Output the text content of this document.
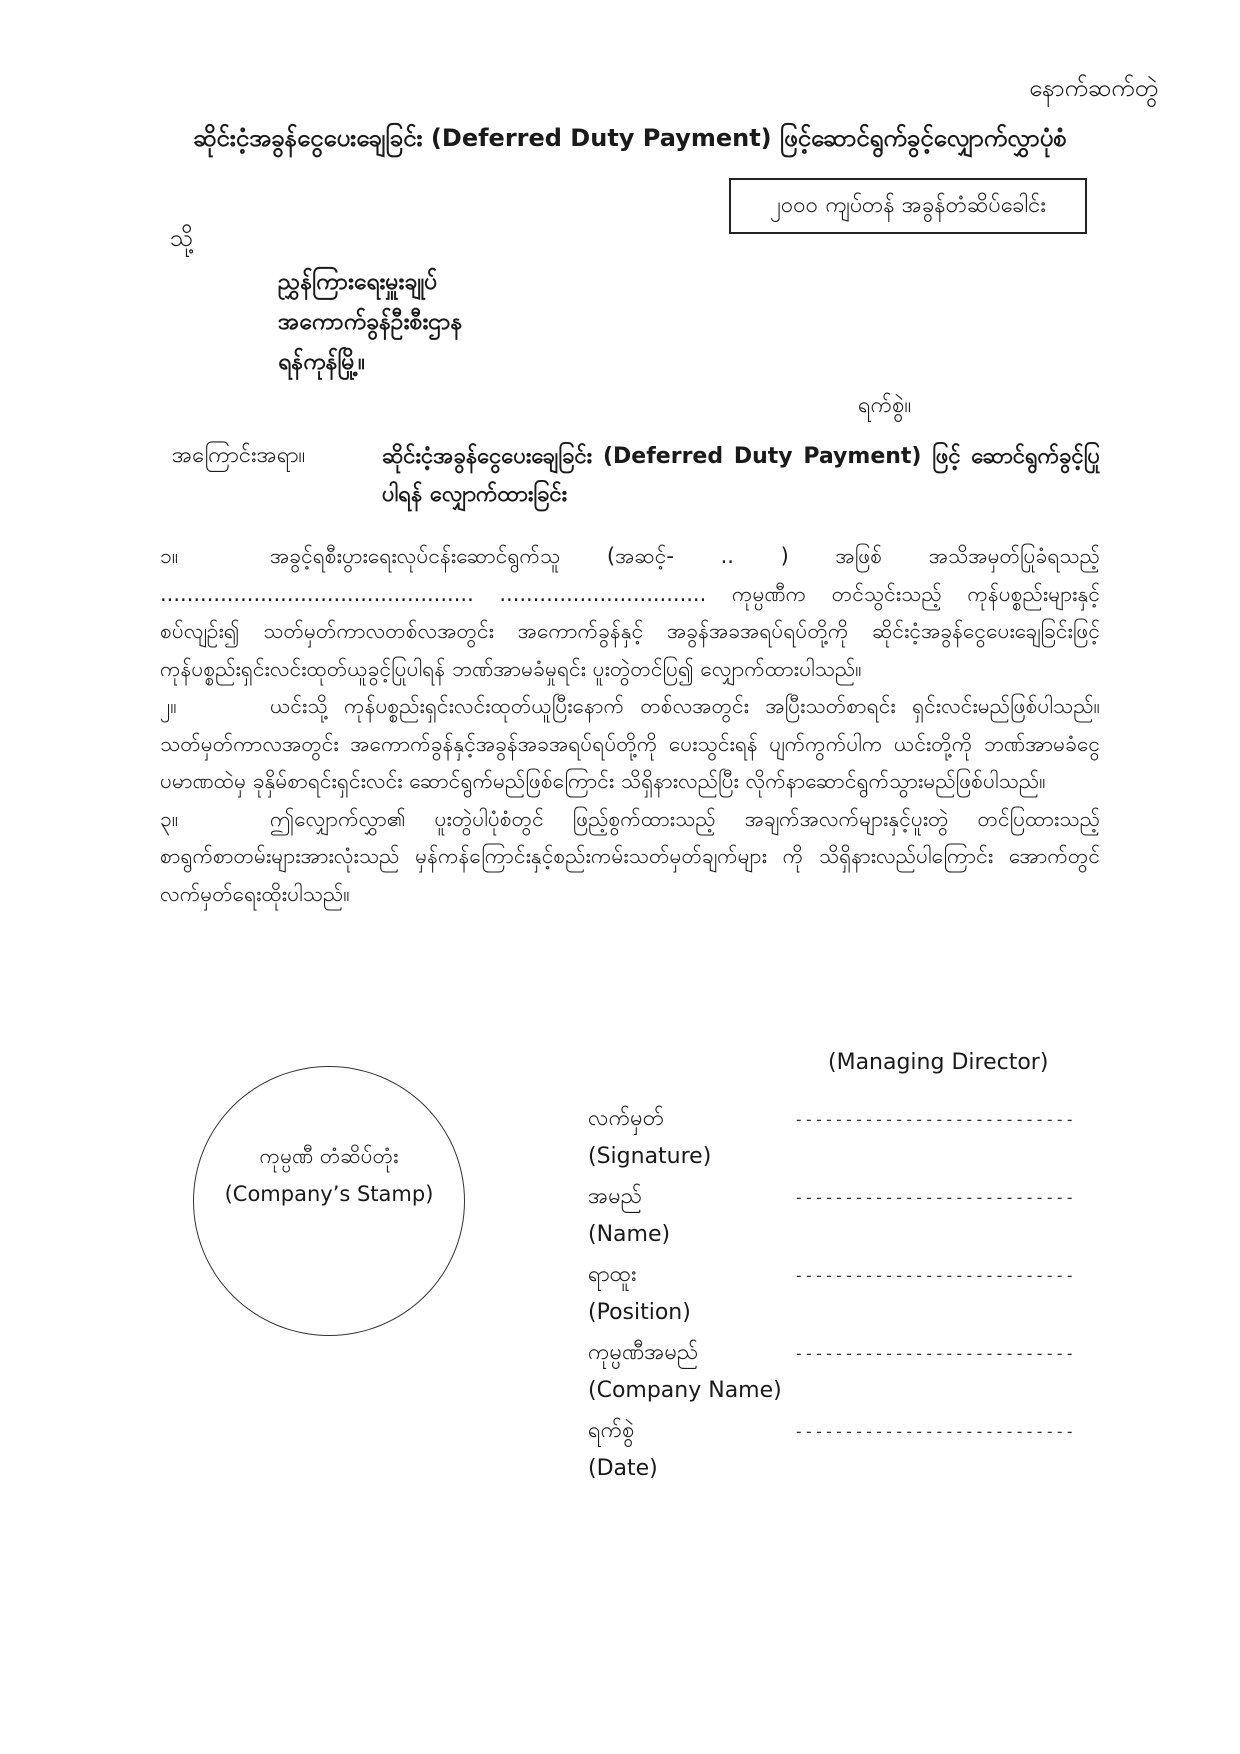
နောက်ဆက်တွဲ
ဆိုင်းငံ့အခွန်ငွေပေးချေခြင်း (Deferred Duty Payment) ဖြင့်ဆောင်ရွက်ခွင့်လျှောက်လွှာပုံစံ
၂၀၀၀ ကျပ်တန် အခွန်တံဆိပ်ခေါင်း
သို့
ညွှန်ကြားရေးမှူးချုပ်
အကောက်ခွန်ဦးစီးဌာန
ရန်ကုန်မြို့။
ရက်စွဲ။
အကြောင်းအရာ။	ဆိုင်းငံ့အခွန်ငွေပေးချေခြင်း (Deferred Duty Payment) ဖြင့် ဆောင်ရွက်ခွင့်ပြုပါရန် လျှောက်ထားခြင်း

၁။	အခွင့်ရစီးပွားရေးလုပ်ငန်းဆောင်ရွက်သူ (အဆင့်- .. ) အဖြစ် အသိအမှတ်ပြုခံရသည့် ............................................... ............................... ကုမ္ပဏီက တင်သွင်းသည့် ကုန်ပစ္စည်းများနှင့်စပ်လျဉ်း၍ သတ်မှတ်ကာလတစ်လအတွင်း အကောက်ခွန်နှင့် အခွန်အခအရပ်ရပ်တို့ကို ဆိုင်းငံ့အခွန်ငွေပေးချေခြင်းဖြင့် ကုန်ပစ္စည်းရှင်းလင်းထုတ်ယူခွင့်ပြုပါရန် ဘဏ်အာမခံမှုရင်း ပူးတွဲတင်ပြ၍ လျှောက်ထားပါသည်။

၂။	ယင်းသို့ ကုန်ပစ္စည်းရှင်းလင်းထုတ်ယူပြီးနောက် တစ်လအတွင်း အပြီးသတ်စာရင်း ရှင်းလင်းမည်ဖြစ်ပါသည်။ သတ်မှတ်ကာလအတွင်း အကောက်ခွန်နှင့်အခွန်အခအရပ်ရပ်တို့ကို ပေးသွင်းရန် ပျက်ကွက်ပါက ယင်းတို့ကို ဘဏ်အာမခံငွေပမာဏထဲမှ ခုနှိမ်စာရင်းရှင်းလင်း ဆောင်ရွက်မည်ဖြစ်ကြောင်း သိရှိနားလည်ပြီး လိုက်နာဆောင်ရွက်သွားမည်ဖြစ်ပါသည်။

၃။	ဤလျှောက်လွှာ၏ ပူးတွဲပါပုံစံတွင် ဖြည့်စွက်ထားသည့် အချက်အလက်များနှင့်ပူးတွဲ တင်ပြထားသည့် စာရွက်စာတမ်းများအားလုံးသည် မှန်ကန်ကြောင်းနှင့်စည်းကမ်းသတ်မှတ်ချက်များ ကို သိရှိနားလည်ပါကြောင်း အောက်တွင်လက်မှတ်ရေးထိုးပါသည်။

(Managing Director)
ကုမ္ပဏီ တံဆိပ်တုံး
(Company’s Stamp)
လက်မှတ်
(Signature)
----------------------------
အမည်
(Name)
----------------------------
ရာထူး
(Position)
----------------------------
ကုမ္ပဏီအမည်
(Company Name)
----------------------------
ရက်စွဲ
(Date)
----------------------------
